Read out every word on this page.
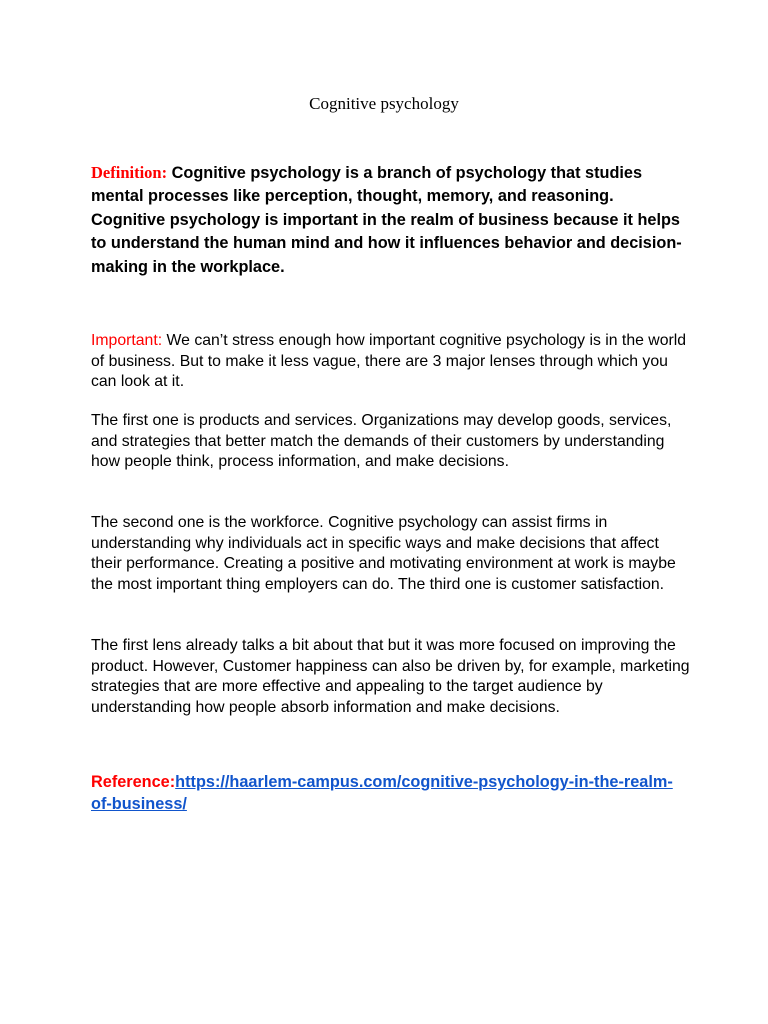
Cognitive psychology

Definition: Cognitive psychology is a branch of psychology that studies mental processes like perception, thought, memory, and reasoning. Cognitive psychology is important in the realm of business because it helps to understand the human mind and how it influences behavior and decision-making in the workplace.

Important: We can’t stress enough how important cognitive psychology is in the world of business. But to make it less vague, there are 3 major lenses through which you can look at it.

The first one is products and services. Organizations may develop goods, services, and strategies that better match the demands of their customers by understanding how people think, process information, and make decisions.

The second one is the workforce. Cognitive psychology can assist firms in understanding why individuals act in specific ways and make decisions that affect their performance. Creating a positive and motivating environment at work is maybe the most important thing employers can do. The third one is customer satisfaction.

The first lens already talks a bit about that but it was more focused on improving the product. However, Customer happiness can also be driven by, for example, marketing strategies that are more effective and appealing to the target audience by understanding how people absorb information and make decisions.

Reference:https://haarlem-campus.com/cognitive-psychology-in-the-realm-of-business/
